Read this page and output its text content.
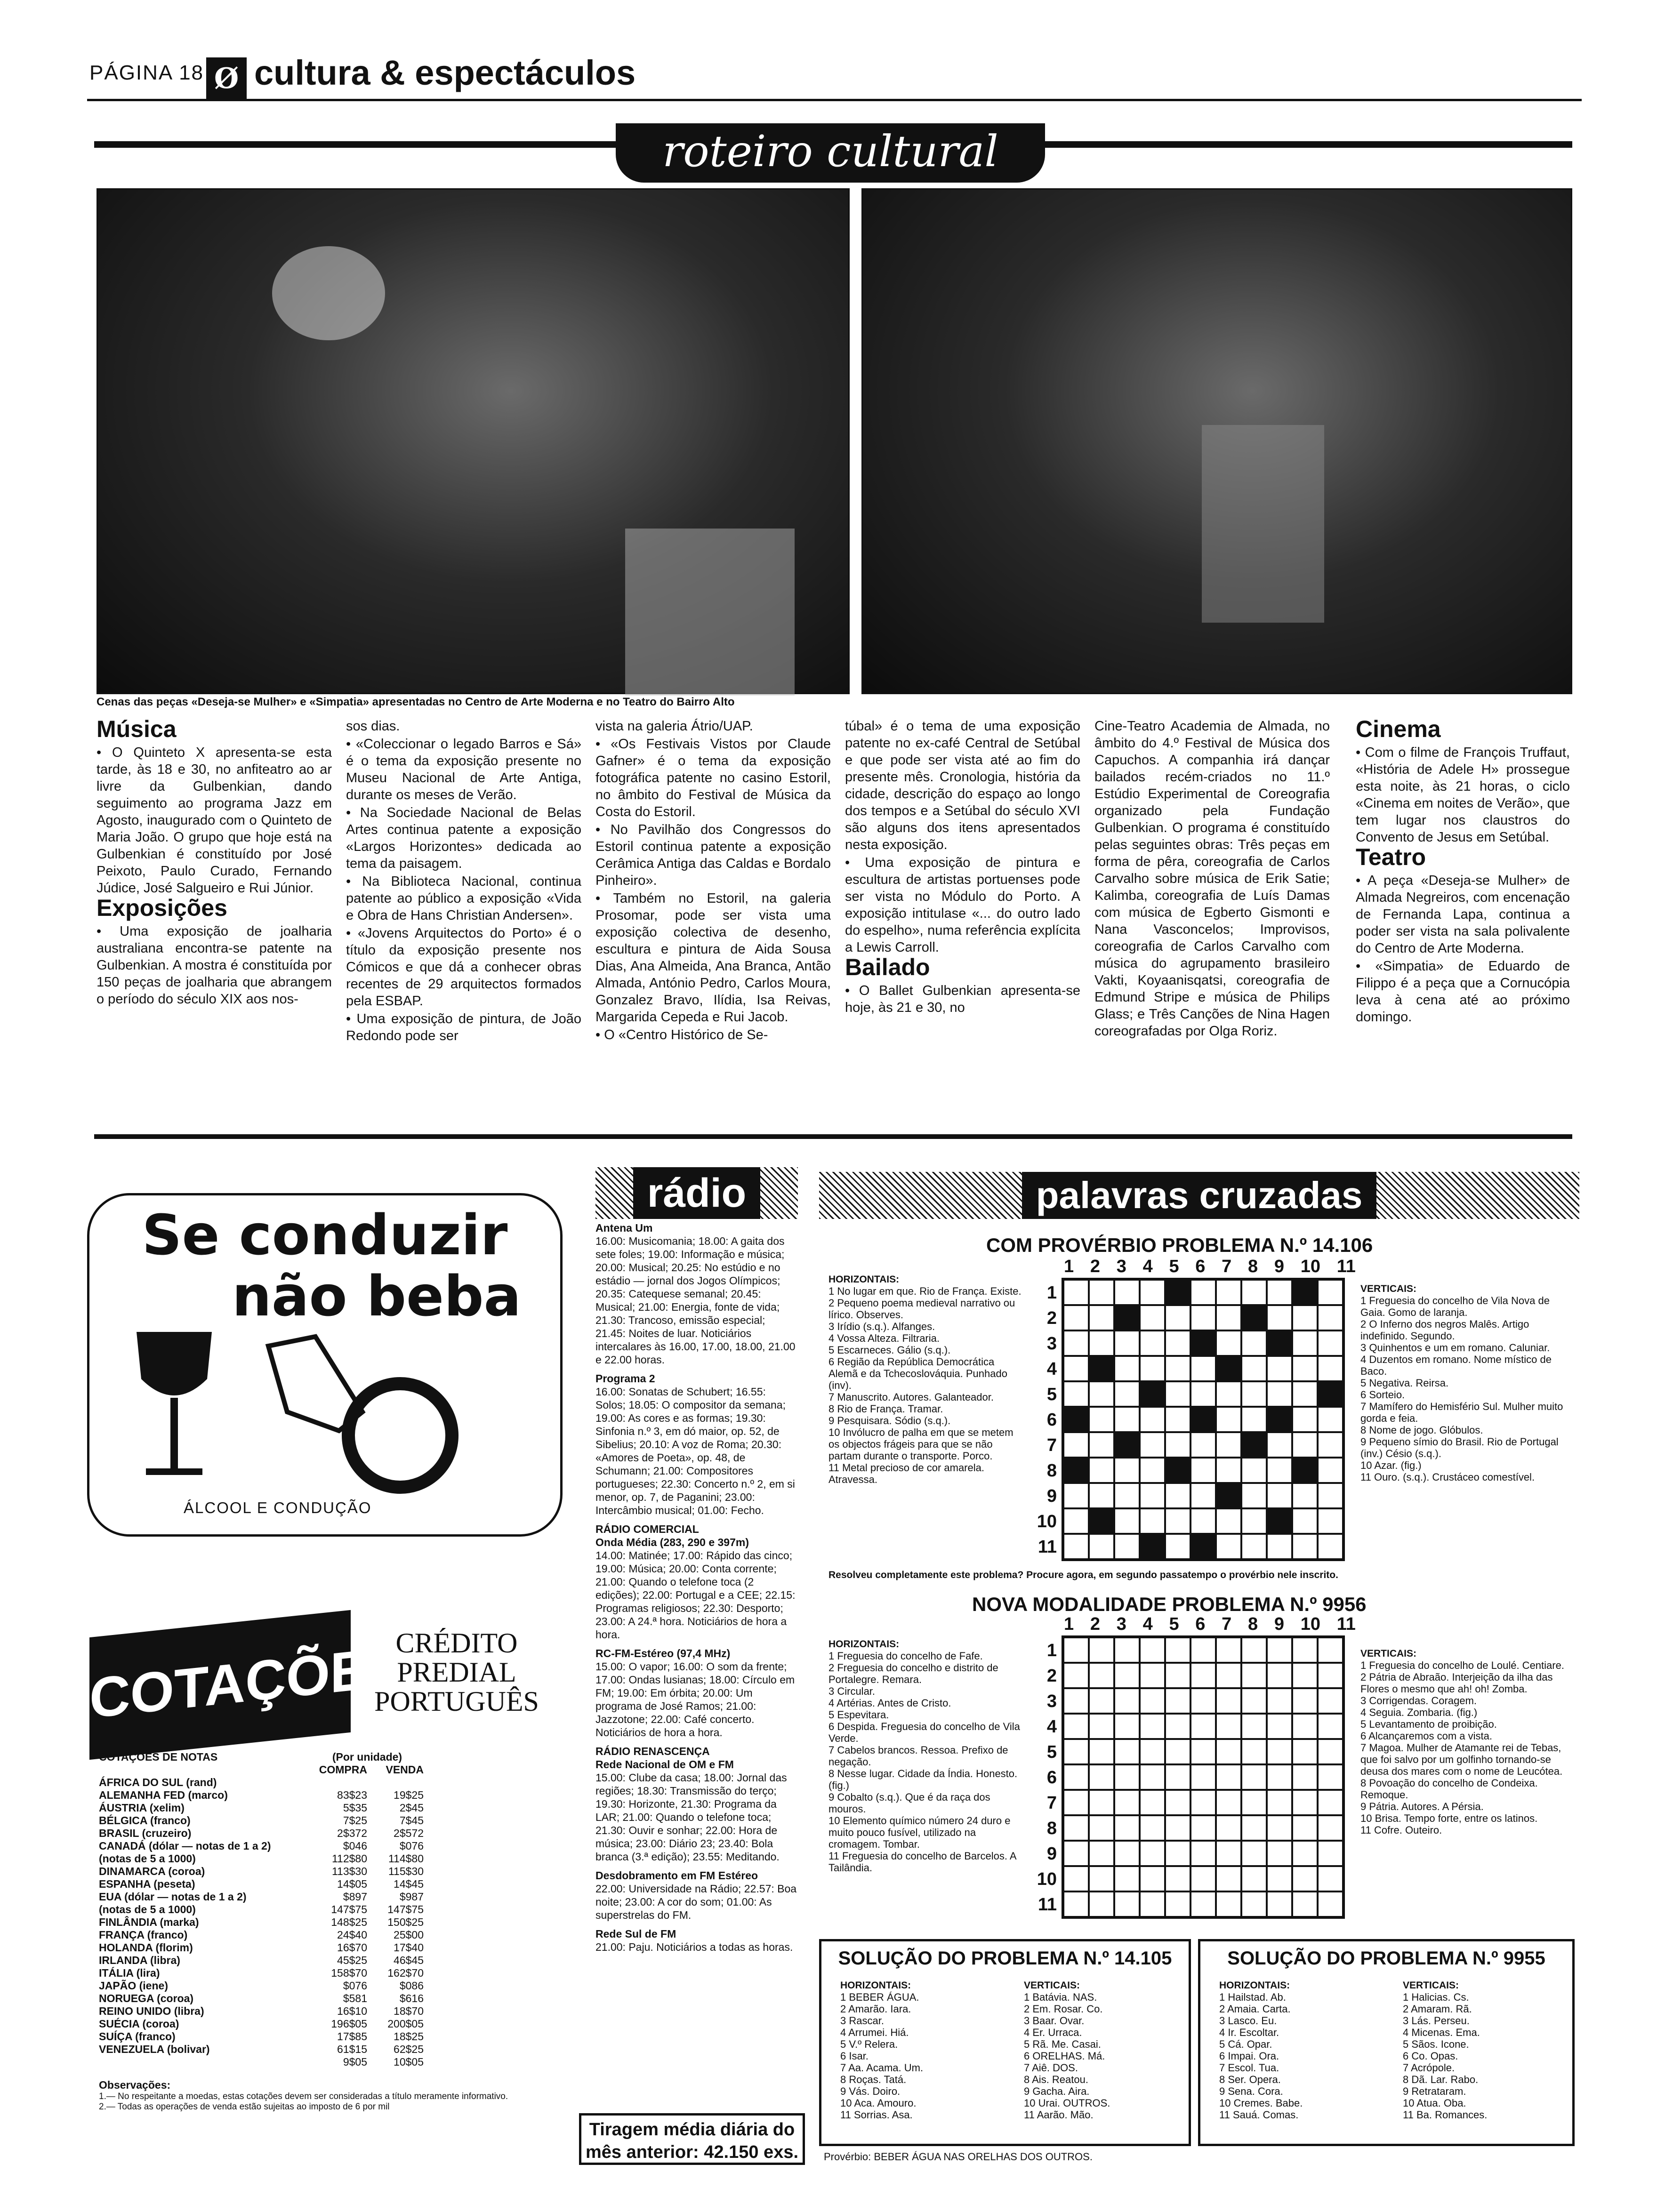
PÁGINA 18 Ø cultura & espectáculos
roteiro cultural
Cenas das peças «Deseja-se Mulher» e «Simpatia» apresentadas no Centro de Arte Moderna e no Teatro do Bairro Alto
Música

• O Quinteto X apresenta-se esta tarde, às 18 e 30, no anfiteatro ao ar livre da Gulbenkian, dando seguimento ao programa Jazz em Agosto, inaugurado com o Quinteto de Maria João. O grupo que hoje está na Gulbenkian é constituído por José Peixoto, Paulo Curado, Fernando Júdice, José Salgueiro e Rui Júnior.

Exposições

• Uma exposição de joalharia australiana encontra-se patente na Gulbenkian. A mostra é constituída por 150 peças de joalharia que abrangem o período do século XIX aos nos-

sos dias.

• «Coleccionar o legado Barros e Sá» é o tema da exposição presente no Museu Nacional de Arte Antiga, durante os meses de Verão.

• Na Sociedade Nacional de Belas Artes continua patente a exposição «Largos Horizontes» dedicada ao tema da paisagem.

• Na Biblioteca Nacional, continua patente ao público a exposição «Vida e Obra de Hans Christian Andersen».

• «Jovens Arquitectos do Porto» é o título da exposição presente nos Cómicos e que dá a conhecer obras recentes de 29 arquitectos formados pela ESBAP.

• Uma exposição de pintura, de João Redondo pode ser

vista na galeria Átrio/UAP.

• «Os Festivais Vistos por Claude Gafner» é o tema da exposição fotográfica patente no casino Estoril, no âmbito do Festival de Música da Costa do Estoril.

• No Pavilhão dos Congressos do Estoril continua patente a exposição Cerâmica Antiga das Caldas e Bordalo Pinheiro».

• Também no Estoril, na galeria Prosomar, pode ser vista uma exposição colectiva de desenho, escultura e pintura de Aida Sousa Dias, Ana Almeida, Ana Branca, Antão Almada, António Pedro, Carlos Moura, Gonzalez Bravo, Ilídia, Isa Reivas, Margarida Cepeda e Rui Jacob.

• O «Centro Histórico de Se-

túbal» é o tema de uma exposição patente no ex-café Central de Setúbal e que pode ser vista até ao fim do presente mês. Cronologia, história da cidade, descrição do espaço ao longo dos tempos e a Setúbal do século XVI são alguns dos itens apresentados nesta exposição.

• Uma exposição de pintura e escultura de artistas portuenses pode ser vista no Módulo do Porto. A exposição intitulase «... do outro lado do espelho», numa referência explícita a Lewis Carroll.

Bailado

• O Ballet Gulbenkian apresenta-se hoje, às 21 e 30, no

Cine-Teatro Academia de Almada, no âmbito do 4.º Festival de Música dos Capuchos. A companhia irá dançar bailados recém-criados no 11.º Estúdio Experimental de Coreografia organizado pela Fundação Gulbenkian. O programa é constituído pelas seguintes obras: Três peças em forma de pêra, coreografia de Carlos Carvalho sobre música de Erik Satie; Kalimba, coreografia de Luís Damas com música de Egberto Gismonti e Nana Vasconcelos; Improvisos, coreografia de Carlos Carvalho com música do agrupamento brasileiro Vakti, Koyaanisqatsi, coreografia de Edmund Stripe e música de Philips Glass; e Três Canções de Nina Hagen coreografadas por Olga Roriz.

Cinema

• Com o filme de François Truffaut, «História de Adele H» prossegue esta noite, às 21 horas, o ciclo «Cinema em noites de Verão», que tem lugar nos claustros do Convento de Jesus em Setúbal.

Teatro

• A peça «Deseja-se Mulher» de Almada Negreiros, com encenação de Fernanda Lapa, continua a poder ser vista na sala polivalente do Centro de Arte Moderna.

• «Simpatia» de Eduardo de Filippo é a peça que a Cornucópia leva à cena até ao próximo domingo.

Se conduzir
não beba
ÁLCOOL E CONDUÇÃO
COTAÇÕES
CRÉDITO
PREDIAL
PORTUGUÊS
COTAÇÕES DE NOTAS	(Por unidade)
COMPRA	VENDA
ÁFRICA DO SUL (rand)
ALEMANHA FED (marco)	83$23	19$25
ÁUSTRIA (xelim)	5$35	2$45
BÉLGICA (franco)	7$25	7$45
BRASIL (cruzeiro)	2$372	2$572
CANADÁ (dólar — notas de 1 a 2)	$046	$076
(notas de 5 a 1000)	112$80	114$80
DINAMARCA (coroa)	113$30	115$30
ESPANHA (peseta)	14$05	14$45
EUA (dólar — notas de 1 a 2)	$897	$987
(notas de 5 a 1000)	147$75	147$75
FINLÂNDIA (marka)	148$25	150$25
FRANÇA (franco)	24$40	25$00
HOLANDA (florim)	16$70	17$40
IRLANDA (libra)	45$25	46$45
ITÁLIA (lira)	158$70	162$70
JAPÃO (iene)	$076	$086
NORUEGA (coroa)	$581	$616
REINO UNIDO (libra)	16$10	18$70
SUÉCIA (coroa)	196$05	200$05
SUÍÇA (franco)	17$85	18$25
VENEZUELA (bolivar)	61$15	62$25
9$05	10$05
Observações:
1.— No respeitante a moedas, estas cotações devem ser consideradas a título meramente informativo.
2.— Todas as operações de venda estão sujeitas ao imposto de 6 por mil
rádio
Antena Um

16.00: Musicomania; 18.00: A gaita dos sete foles; 19.00: Informação e música; 20.00: Musical; 20.25: No estúdio e no estádio — jornal dos Jogos Olímpicos; 20.35: Catequese semanal; 20.45: Musical; 21.00: Energia, fonte de vida; 21.30: Trancoso, emissão especial; 21.45: Noites de luar. Noticiários intercalares às 16.00, 17.00, 18.00, 21.00 e 22.00 horas.

Programa 2

16.00: Sonatas de Schubert; 16.55: Solos; 18.05: O compositor da semana; 19.00: As cores e as formas; 19.30: Sinfonia n.º 3, em dó maior, op. 52, de Sibelius; 20.10: A voz de Roma; 20.30: «Amores de Poeta», op. 48, de Schumann; 21.00: Compositores portugueses; 22.30: Concerto n.º 2, em si menor, op. 7, de Paganini; 23.00: Intercâmbio musical; 01.00: Fecho.

RÁDIO COMERCIAL
Onda Média (283, 290 e 397m)

14.00: Matinée; 17.00: Rápido das cinco; 19.00: Música; 20.00: Conta corrente; 21.00: Quando o telefone toca (2 edições); 22.00: Portugal e a CEE; 22.15: Programas religiosos; 22.30: Desporto; 23.00: A 24.ª hora. Noticiários de hora a hora.

RC-FM-Estéreo (97,4 MHz)

15.00: O vapor; 16.00: O som da frente; 17.00: Ondas lusianas; 18.00: Círculo em FM; 19.00: Em órbita; 20.00: Um programa de José Ramos; 21.00: Jazzotone; 22.00: Café concerto. Noticiários de hora a hora.

RÁDIO RENASCENÇA
Rede Nacional de OM e FM

15.00: Clube da casa; 18.00: Jornal das regiões; 18.30: Transmissão do terço; 19.30: Horizonte, 21.30: Programa da LAR; 21.00: Quando o telefone toca; 21.30: Ouvir e sonhar; 22.00: Hora de música; 23.00: Diário 23; 23.40: Bola branca (3.ª edição); 23.55: Meditando.

Desdobramento em FM Estéreo

22.00: Universidade na Rádio; 22.57: Boa noite; 23.00: A cor do som; 01.00: As superstrelas do FM.

Rede Sul de FM

21.00: Paju. Noticiários a todas as horas.

Tiragem média diária do
mês anterior: 42.150 exs.
palavras cruzadas
COM PROVÉRBIO PROBLEMA N.º 14.106
1 2 3 4 5 6 7 8 9 10 11
1
2
3
4
5
6
7
8
9
10
11
HORIZONTAIS:
1 No lugar em que. Rio de França. Existe.
2 Pequeno poema medieval narrativo ou lírico. Observes.
3 Irídio (s.q.). Alfanges.
4 Vossa Alteza. Filtraria.
5 Escarneces. Gálio (s.q.).
6 Região da República Democrática Alemã e da Tchecoslováquia. Punhado (inv).
7 Manuscrito. Autores. Galanteador.
8 Rio de França. Tramar.
9 Pesquisara. Sódio (s.q.).
10 Invólucro de palha em que se metem os objectos frágeis para que se não partam durante o transporte. Porco.
11 Metal precioso de cor amarela. Atravessa.
VERTICAIS:
1 Freguesia do concelho de Vila Nova de Gaia. Gomo de laranja.
2 O Inferno dos negros Malês. Artigo indefinido. Segundo.
3 Quinhentos e um em romano. Caluniar.
4 Duzentos em romano. Nome místico de Baco.
5 Negativa. Reirsa.
6 Sorteio.
7 Mamífero do Hemisfério Sul. Mulher muito gorda e feia.
8 Nome de jogo. Glóbulos.
9 Pequeno símio do Brasil. Rio de Portugal (inv.) Césio (s.q.).
10 Azar. (fig.)
11 Ouro. (s.q.). Crustáceo comestível.
Resolveu completamente este problema? Procure agora, em segundo passatempo o provérbio nele inscrito.
NOVA MODALIDADE PROBLEMA N.º 9956
1 2 3 4 5 6 7 8 9 10 11
1
2
3
4
5
6
7
8
9
10
11
HORIZONTAIS:
1 Freguesia do concelho de Fafe.
2 Freguesia do concelho e distrito de Portalegre. Remara.
3 Circular.
4 Artérias. Antes de Cristo.
5 Espevitara.
6 Despida. Freguesia do concelho de Vila Verde.
7 Cabelos brancos. Ressoa. Prefixo de negação.
8 Nesse lugar. Cidade da Índia. Honesto. (fig.)
9 Cobalto (s.q.). Que é da raça dos mouros.
10 Elemento químico número 24 duro e muito pouco fusível, utilizado na cromagem. Tombar.
11 Freguesia do concelho de Barcelos. A Tailândia.
VERTICAIS:
1 Freguesia do concelho de Loulé. Centiare.
2 Pátria de Abraão. Interjeição da ilha das Flores o mesmo que ah! oh! Zomba.
3 Corrigendas. Coragem.
4 Seguia. Zombaria. (fig.)
5 Levantamento de proibição.
6 Alcançaremos com a vista.
7 Magoa. Mulher de Atamante rei de Tebas, que foi salvo por um golfinho tornando-se deusa dos mares com o nome de Leucótea.
8 Povoação do concelho de Condeixa. Remoque.
9 Pátria. Autores. A Pérsia.
10 Brisa. Tempo forte, entre os latinos.
11 Cofre. Outeiro.
SOLUÇÃO DO PROBLEMA N.º 14.105
HORIZONTAIS:
1 BEBER ÁGUA.
2 Amarão. Iara.
3 Rascar.
4 Arrumei. Hiá.
5 V.º Relera.
6 Isar.
7 Aa. Acama. Um.
8 Roças. Tatá.
9 Vás. Doiro.
10 Aca. Amouro.
11 Sorrias. Asa.
VERTICAIS:
1 Batávia. NAS.
2 Em. Rosar. Co.
3 Baar. Ovar.
4 Er. Urraca.
5 Rã. Me. Casai.
6 ORELHAS. Má.
7 Aiê. DOS.
8 Ais. Reatou.
9 Gacha. Aira.
10 Urai. OUTROS.
11 Aarão. Mão.
Provérbio: BEBER ÁGUA NAS ORELHAS DOS OUTROS.
SOLUÇÃO DO PROBLEMA N.º 9955
HORIZONTAIS:
1 Hailstad. Ab.
2 Amaia. Carta.
3 Lasco. Eu.
4 Ir. Escoltar.
5 Cá. Opar.
6 Impai. Ora.
7 Escol. Tua.
8 Ser. Opera.
9 Sena. Cora.
10 Cremes. Babe.
11 Sauá. Comas.
VERTICAIS:
1 Halicias. Cs.
2 Amaram. Rã.
3 Lás. Perseu.
4 Micenas. Ema.
5 Sãos. Icone.
6 Co. Opas.
7 Acrópole.
8 Dã. Lar. Rabo.
9 Retrataram.
10 Atua. Oba.
11 Ba. Romances.
